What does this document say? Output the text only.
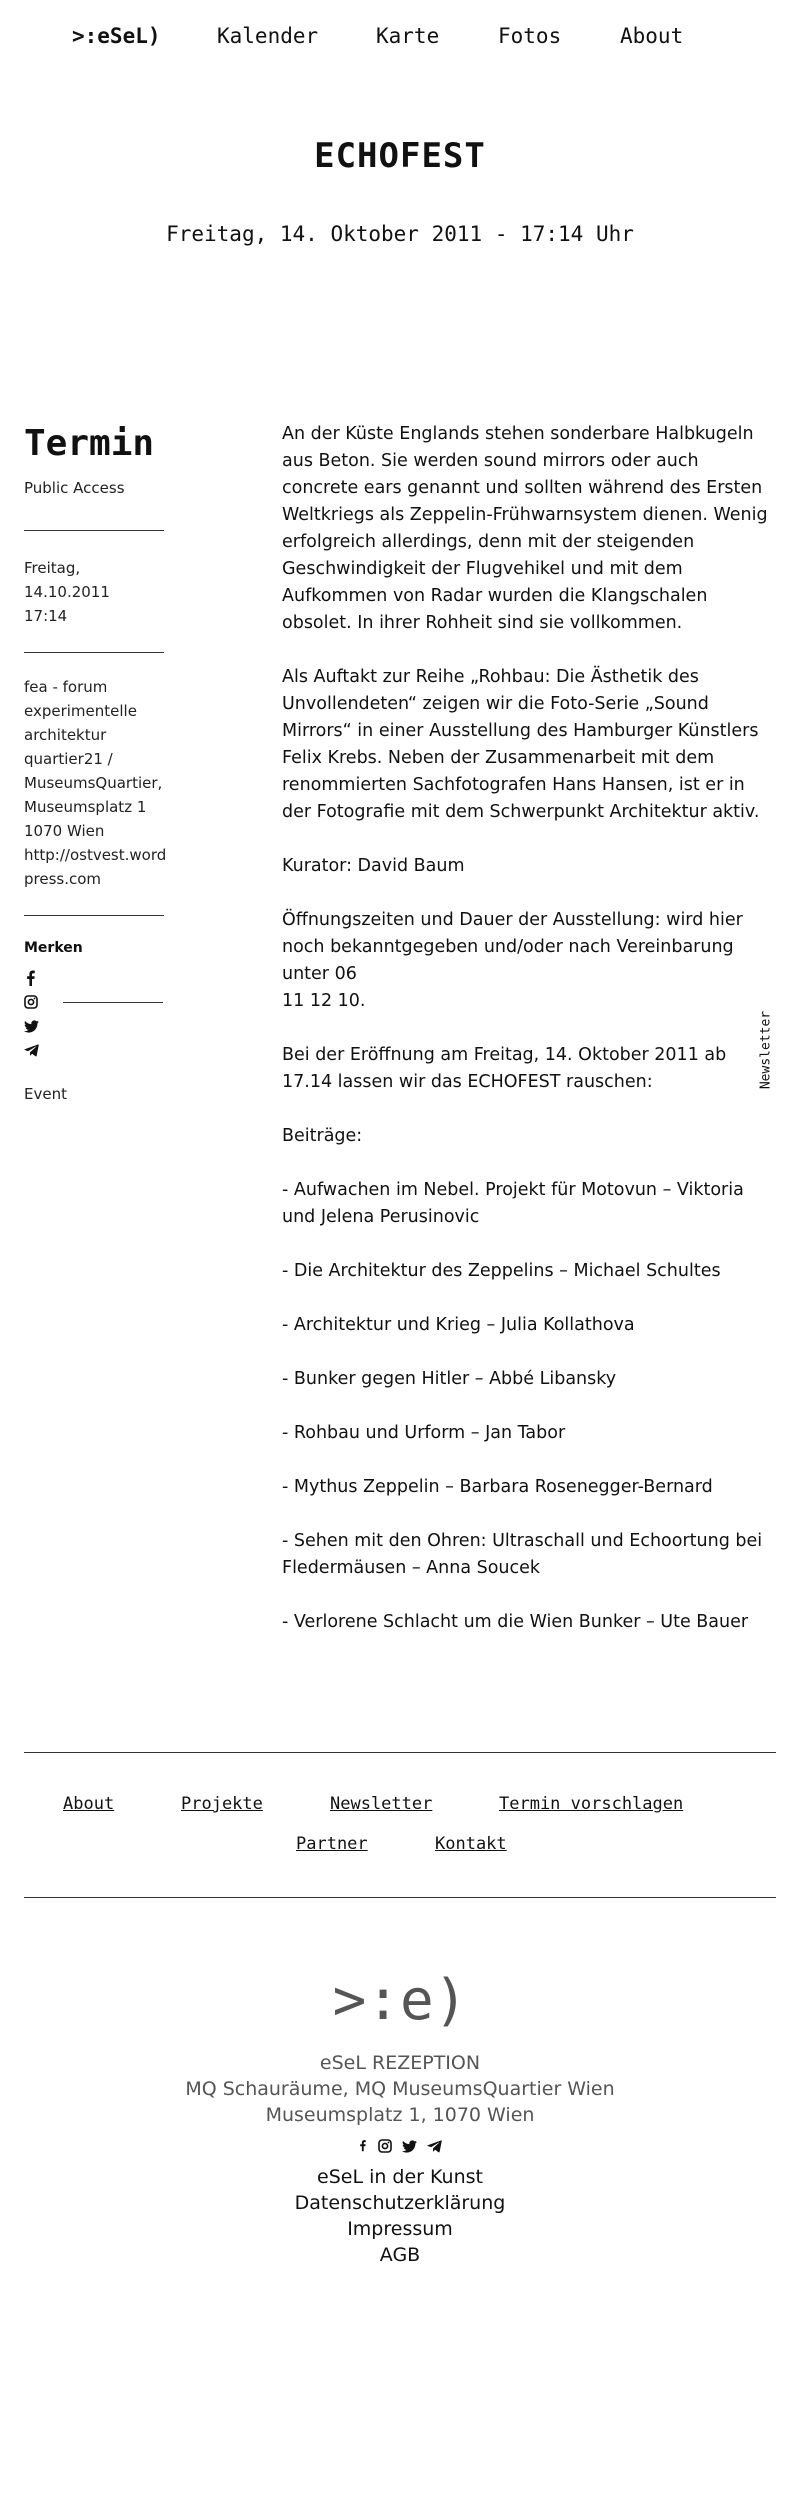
>:eSeL)	Kalender	Karte	Fotos	About
ECHOFEST
Freitag, 14. Oktober 2011 - 17:14 Uhr
Termin
Public Access
Freitag, 14.10.2011
17:14
fea - forum
experimentelle
architektur
quartier21 /
MuseumsQuartier,
Museumsplatz 1
1070 Wien
http://ostvest.word
press.com
Merken
Event

An der Küste Englands stehen sonderbare Halbkugeln aus Beton. Sie werden sound mirrors oder auch concrete ears genannt und sollten während des Ersten Weltkriegs als Zeppelin-Frühwarnsystem dienen. Wenig erfolgreich allerdings, denn mit der steigenden Geschwindigkeit der Flugvehikel und mit dem Aufkommen von Radar wurden die Klangschalen obsolet. In ihrer Rohheit sind sie vollkommen.

Als Auftakt zur Reihe „Rohbau: Die Ästhetik des Unvollendeten“ zeigen wir die Foto-Serie „Sound Mirrors“ in einer Ausstellung des Hamburger Künstlers Felix Krebs. Neben der Zusammenarbeit mit dem renommierten Sachfotografen Hans Hansen, ist er in der Fotografie mit dem Schwerpunkt Architektur aktiv.

Kurator: David Baum

Öffnungszeiten und Dauer der Ausstellung: wird hier noch bekanntgegeben und/oder nach Vereinbarung unter 06
11 12 10.

Bei der Eröffnung am Freitag, 14. Oktober 2011 ab 17.14 lassen wir das ECHOFEST rauschen:

Beiträge:

- Aufwachen im Nebel. Projekt für Motovun – Viktoria und Jelena Perusinovic

- Die Architektur des Zeppelins – Michael Schultes

- Architektur und Krieg – Julia Kollathova

- Bunker gegen Hitler – Abbé Libansky

- Rohbau und Urform – Jan Tabor

- Mythus Zeppelin – Barbara Rosenegger-Bernard

- Sehen mit den Ohren: Ultraschall und Echoortung bei Fledermäusen – Anna Soucek

- Verlorene Schlacht um die Wien Bunker – Ute Bauer

Newsletter
About	Projekte	Newsletter	Termin vorschlagen
Partner	Kontakt
>:e)
eSeL REZEPTION
MQ Schauräume, MQ MuseumsQuartier Wien
Museumsplatz 1, 1070 Wien
eSeL in der Kunst
Datenschutzerklärung
Impressum
AGB
